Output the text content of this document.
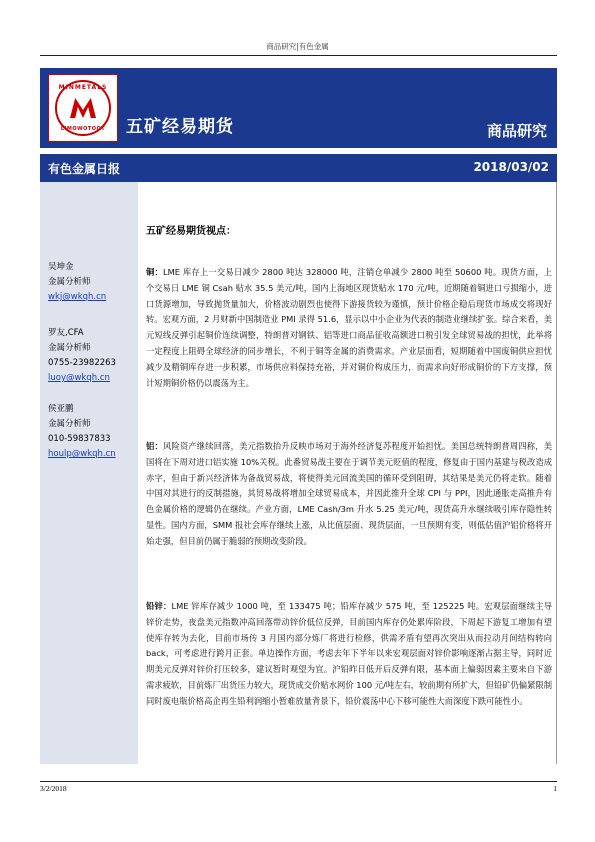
商品研究|有色金属
MINMETALS
LIMOWOTOOT 五矿经易期货	商品研究
有色金属日报	2018/03/02
吴坤金
金属分析师
wkj@wkqh.cn
罗友,CFA
金属分析师
0755-23982263
luoy@wkqh.cn
侯亚鹏
金属分析师
010-59837833
houlp@wkqh.cn
五矿经易期货视点：
铜：LME 库存上一交易日减少 2800 吨达 328000 吨，注销仓单减少 2800 吨至 50600 吨。现货方面，上个交易日 LME 铜 Csah 贴水 35.5 美元/吨，国内上海地区现货贴水 170 元/吨，近期随着铜进口亏损缩小，进口货源增加，导致抛货量加大，价格波动剧烈也使得下游接货较为谨慎，预计价格企稳后现货市场成交将现好转。宏观方面，2 月财新中国制造业 PMI 录得 51.6，显示以中小企业为代表的制造业继续扩张。综合来看，美元短线反弹引起铜价连续调整，特朗普对钢铁、铝等进口商品征收高额进口税引发全球贸易战的担忧，此举将一定程度上阻碍全球经济的同步增长，不利于铜等金属的消费需求。产业层面看，短期随着中国废铜供应担忧减少及精铜库存进一步积累，市场供应料保持充裕，并对铜价构成压力，而需求向好形成铜价的下方支撑，预计短期铜价格仍以震荡为主。
铝：风险资产继续回落，美元指数抬升反映市场对于海外经济复苏程度开始担忧。美国总统特朗普周四称，美国将在下周对进口铝实施 10%关税。此番贸易战主要在于调节美元贬值的程度，修复由于国内基建与税改造成赤字，但由于新兴经济体为备战贸易战，将使得美元回流美国的循环受到阻碍，其结果是美元仍将走软。随着中国对其进行的反制措施，其贸易战将增加全球贸易成本，并因此推升全球 CPI 与 PPI，因此通胀走高推升有色金属价格的逻辑仍在继续。产业方面，LME Cash/3m 升水 5.25 美元/吨，现货高升水继续吸引库存隐性转显性。国内方面，SMM 报社会库存继续上涨，从比值层面、现货层面，一旦预期有变，则低估值沪铝价格将开始走强，但目前仍属于脆弱的预期改变阶段。
铅锌：LME 锌库存减少 1000 吨，至 133475 吨；铅库存减少 575 吨，至 125225 吨。宏观层面继续主导锌价走势，夜盘美元指数冲高回落带动锌价低位反弹，目前国内库存仍处累库阶段，下周起下游复工增加有望使库存转为去化，目前市场传 3 月国内部分炼厂将进行检修，供需矛盾有望再次突出从而拉动月间结构转向 back，可考虑进行跨月正套。单边操作方面，考虑去年下半年以来宏观层面对锌价影响逐渐占据主导，同时近期美元反弹对锌价打压较多，建议暂时观望为宜。沪铅昨日低开后反弹有限，基本面上偏弱因素主要来自下游需求疲软，目前炼厂出货压力较大，现货成交价贴水网价 100 元/吨左右，较前期有所扩大，但铅矿仍偏紧限制同时废电瓶价格高企再生铅利润缩小暂难放量背景下，铅价震荡中心下移可能性大而深度下跌可能性小。
3/2/2018	1
